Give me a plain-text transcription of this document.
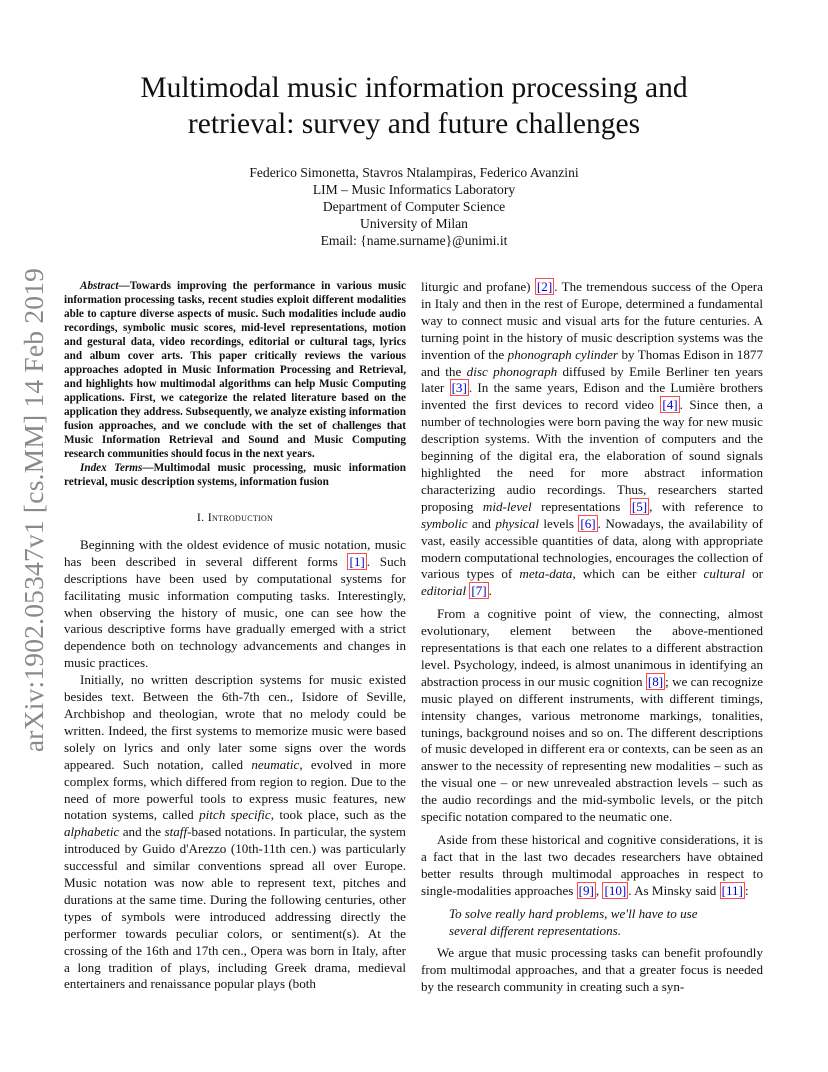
arXiv:1902.05347v1 [cs.MM] 14 Feb 2019
Multimodal music information processing and
retrieval: survey and future challenges
Federico Simonetta, Stavros Ntalampiras, Federico Avanzini
LIM – Music Informatics Laboratory
Department of Computer Science
University of Milan
Email: {name.surname}@unimi.it

Abstract—Towards improving the performance in various music information processing tasks, recent studies exploit different modalities able to capture diverse aspects of music. Such modalities include audio recordings, symbolic music scores, mid-level representations, motion and gestural data, video recordings, editorial or cultural tags, lyrics and album cover arts. This paper critically reviews the various approaches adopted in Music Information Processing and Retrieval, and highlights how multimodal algorithms can help Music Computing applications. First, we categorize the related literature based on the application they address. Subsequently, we analyze existing information fusion approaches, and we conclude with the set of challenges that Music Information Retrieval and Sound and Music Computing research communities should focus in the next years.

Index Terms—Multimodal music processing, music information retrieval, music description systems, information fusion

I. Introduction

Beginning with the oldest evidence of music notation, music has been described in several different forms [1] . Such descriptions have been used by computational systems for facilitating music information computing tasks. Interestingly, when observing the history of music, one can see how the various descriptive forms have gradually emerged with a strict dependence both on technology advancements and changes in music practices.

Initially, no written description systems for music existed besides text. Between the 6th-7th cen., Isidore of Seville, Archbishop and theologian, wrote that no melody could be written. Indeed, the first systems to memorize music were based solely on lyrics and only later some signs over the words appeared. Such notation, called neumatic, evolved in more complex forms, which differed from region to region. Due to the need of more powerful tools to express music features, new notation systems, called pitch specific, took place, such as the alphabetic and the staff-based notations. In particular, the system introduced by Guido d'Arezzo (10th-11th cen.) was particularly successful and similar conventions spread all over Europe. Music notation was now able to represent text, pitches and durations at the same time. During the following centuries, other types of symbols were introduced addressing directly the performer towards peculiar colors, or sentiment(s). At the crossing of the 16th and 17th cen., Opera was born in Italy, after a long tradition of plays, including Greek drama, medieval entertainers and renaissance popular plays (both

liturgic and profane) [2] . The tremendous success of the Opera in Italy and then in the rest of Europe, determined a fundamental way to connect music and visual arts for the future centuries. A turning point in the history of music description systems was the invention of the phonograph cylinder by Thomas Edison in 1877 and the disc phonograph diffused by Emile Berliner ten years later [3] . In the same years, Edison and the Lumière brothers invented the first devices to record video [4] . Since then, a number of technologies were born paving the way for new music description systems. With the invention of computers and the beginning of the digital era, the elaboration of sound signals highlighted the need for more abstract information characterizing audio recordings. Thus, researchers started proposing mid-level representations [5] , with reference to symbolic and physical levels [6] . Nowadays, the availability of vast, easily accessible quantities of data, along with appropriate modern computational technologies, encourages the collection of various types of meta-data, which can be either cultural or editorial [7] .

From a cognitive point of view, the connecting, almost evolutionary, element between the above-mentioned representations is that each one relates to a different abstraction level. Psychology, indeed, is almost unanimous in identifying an abstraction process in our music cognition [8] ; we can recognize music played on different instruments, with different timings, intensity changes, various metronome markings, tonalities, tunings, background noises and so on. The different descriptions of music developed in different era or contexts, can be seen as an answer to the necessity of representing new modalities – such as the visual one – or new unrevealed abstraction levels – such as the audio recordings and the mid-symbolic levels, or the pitch specific notation compared to the neumatic one.

Aside from these historical and cognitive considerations, it is a fact that in the last two decades researchers have obtained better results through multimodal approaches in respect to single-modalities approaches [9] , [10] . As Minsky said [11] :

To solve really hard problems, we'll have to use
several different representations.

We argue that music processing tasks can benefit profoundly from multimodal approaches, and that a greater focus is needed by the research community in creating such a syn-
